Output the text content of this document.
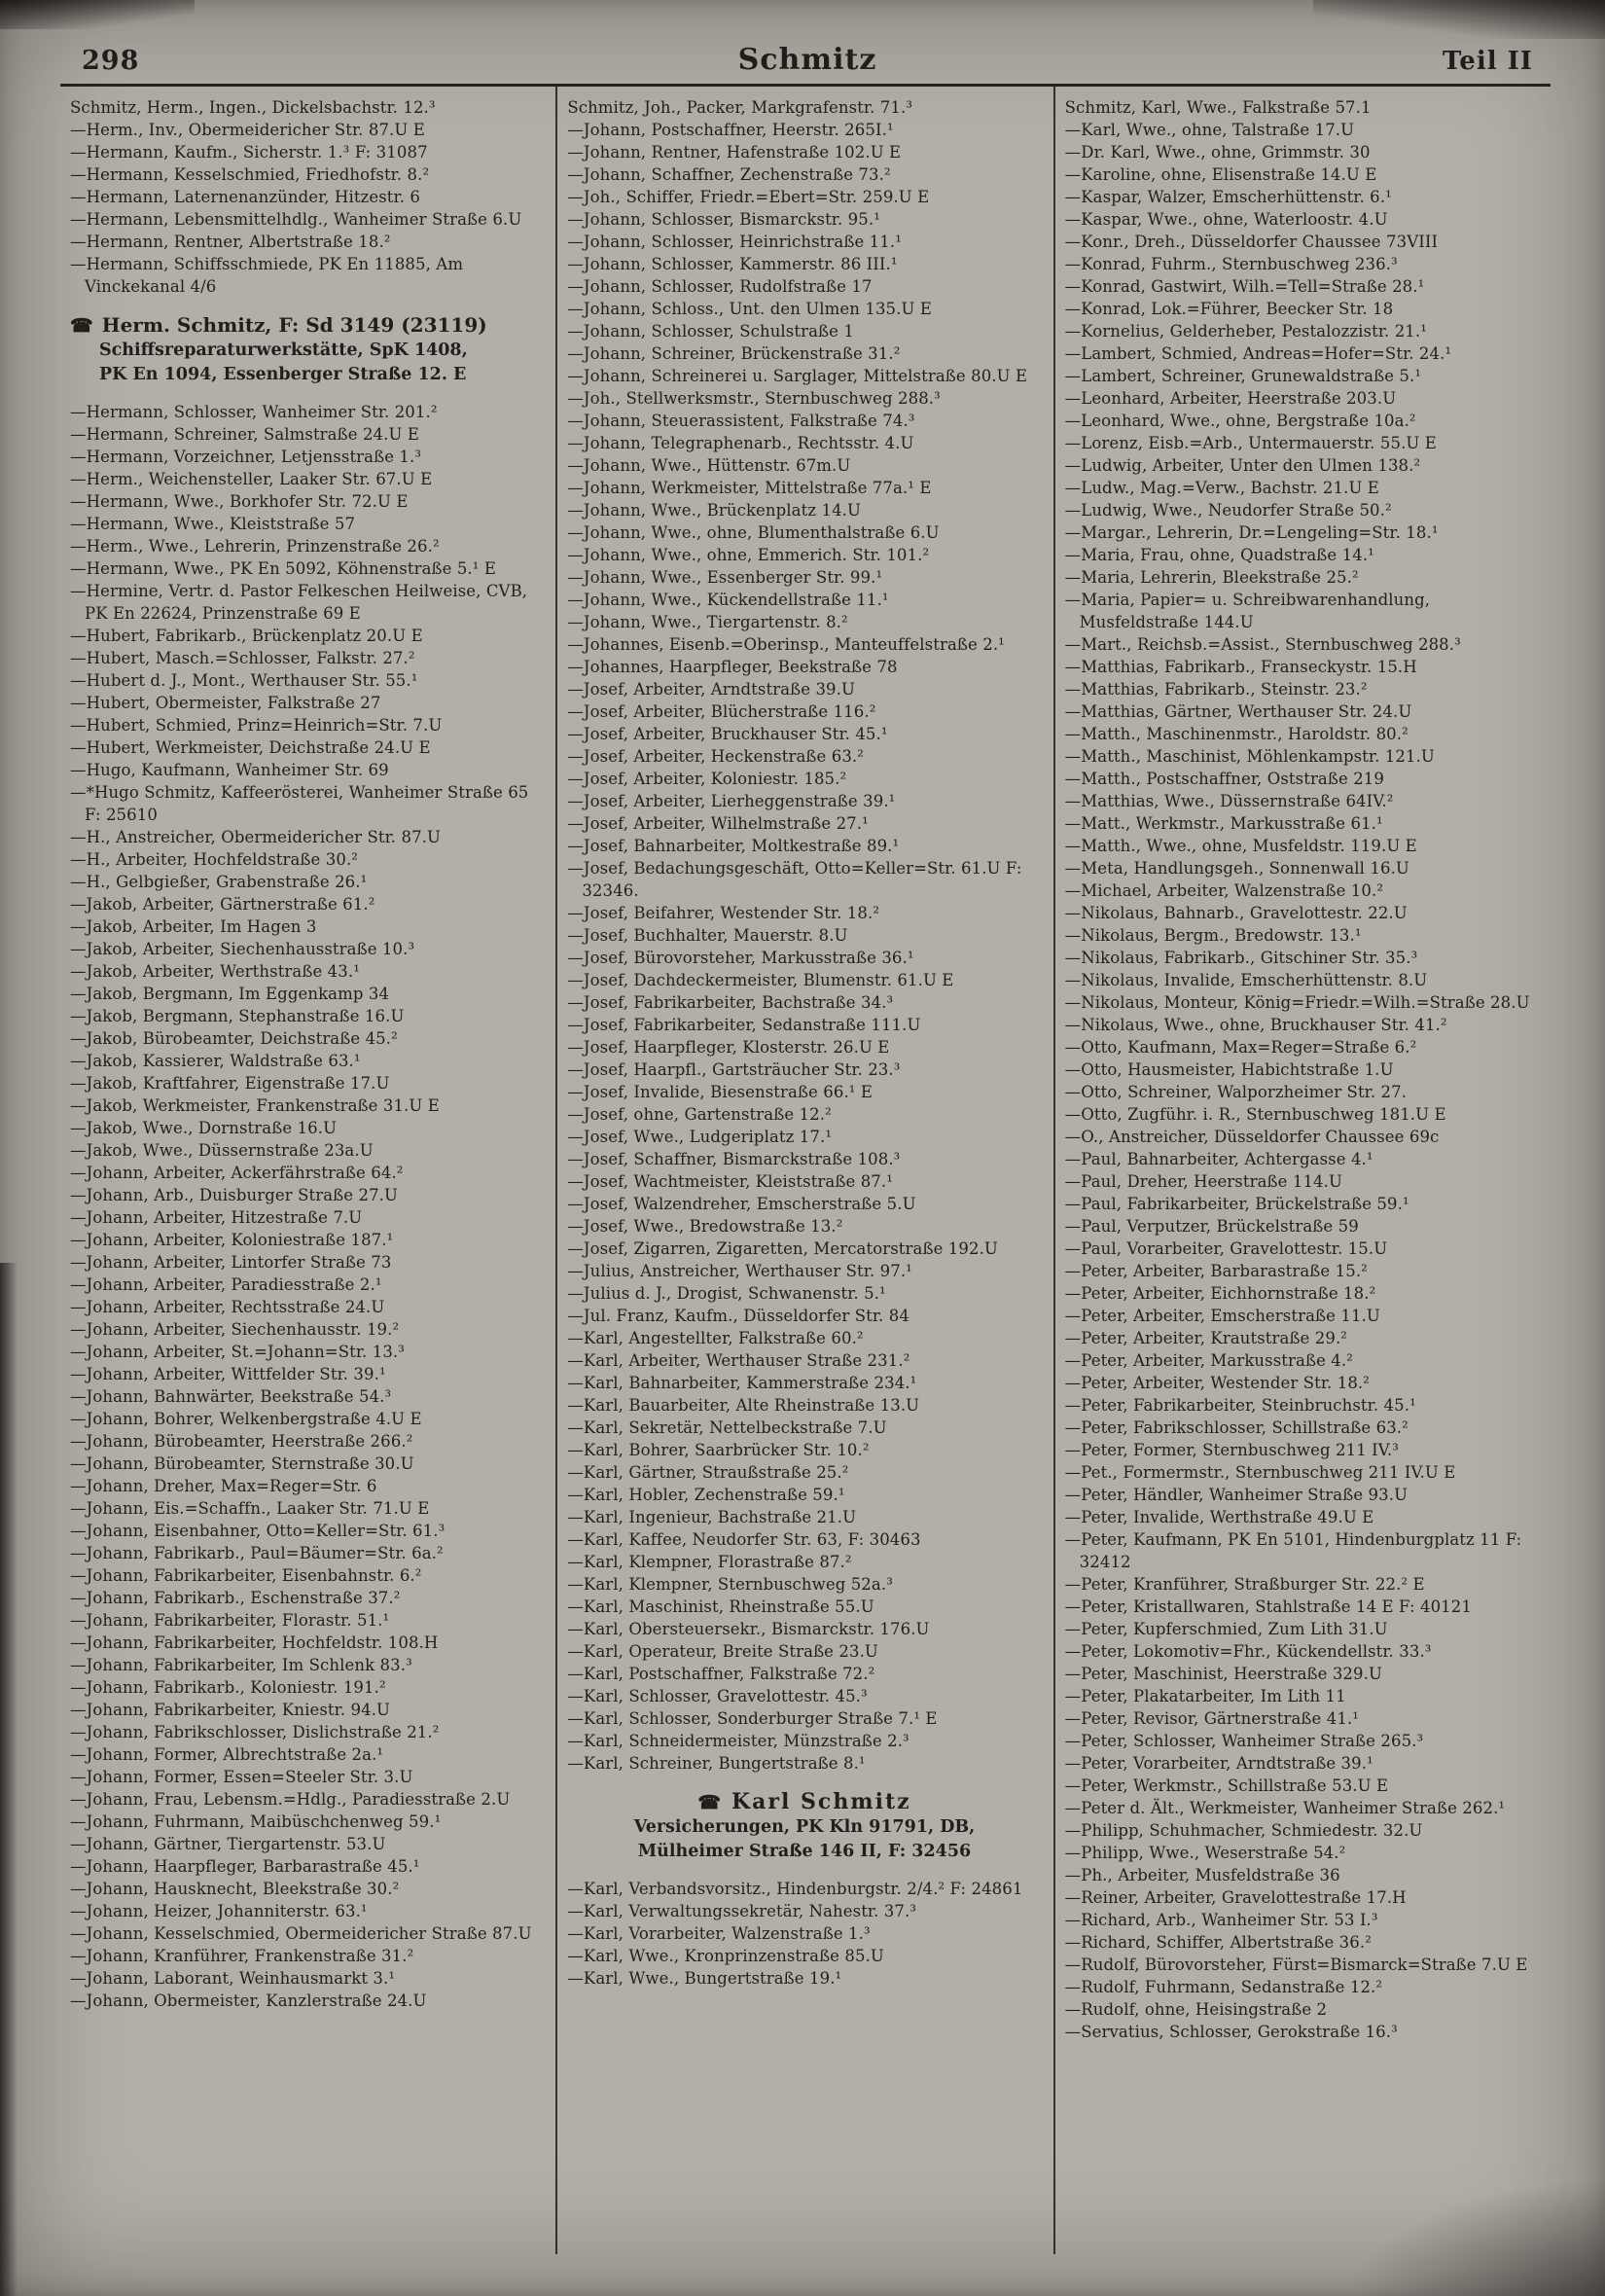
298	Schmitz	Teil II

Schmitz, Herm., Ingen., Dickelsbachstr. 12.³

—Herm., Inv., Obermeidericher Str. 87.U E

—Hermann, Kaufm., Sicherstr. 1.³ F: 31087

—Hermann, Kesselschmied, Friedhofstr. 8.²

—Hermann, Laternenanzünder, Hitzestr. 6

—Hermann, Lebensmittelhdlg., Wanheimer Straße 6.U

—Hermann, Rentner, Albertstraße 18.²

—Hermann, Schiffsschmiede, PK En 11885, Am Vinckekanal 4/6

☎ Herm. Schmitz, F: Sd 3149 (23119)
Schiffsreparaturwerkstätte, SpK 1408,
PK En 1094, Essenberger Straße 12. E

—Hermann, Schlosser, Wanheimer Str. 201.²

—Hermann, Schreiner, Salmstraße 24.U E

—Hermann, Vorzeichner, Letjensstraße 1.³

—Herm., Weichensteller, Laaker Str. 67.U E

—Hermann, Wwe., Borkhofer Str. 72.U E

—Hermann, Wwe., Kleiststraße 57

—Herm., Wwe., Lehrerin, Prinzenstraße 26.²

—Hermann, Wwe., PK En 5092, Köhnenstraße 5.¹ E

—Hermine, Vertr. d. Pastor Felkeschen Heilweise, CVB, PK En 22624, Prinzenstraße 69 E

—Hubert, Fabrikarb., Brückenplatz 20.U E

—Hubert, Masch.=Schlosser, Falkstr. 27.²

—Hubert d. J., Mont., Werthauser Str. 55.¹

—Hubert, Obermeister, Falkstraße 27

—Hubert, Schmied, Prinz=Heinrich=Str. 7.U

—Hubert, Werkmeister, Deichstraße 24.U E

—Hugo, Kaufmann, Wanheimer Str. 69

—*Hugo Schmitz, Kaffeerösterei, Wanheimer Straße 65 F: 25610

—H., Anstreicher, Obermeidericher Str. 87.U

—H., Arbeiter, Hochfeldstraße 30.²

—H., Gelbgießer, Grabenstraße 26.¹

—Jakob, Arbeiter, Gärtnerstraße 61.²

—Jakob, Arbeiter, Im Hagen 3

—Jakob, Arbeiter, Siechenhausstraße 10.³

—Jakob, Arbeiter, Werthstraße 43.¹

—Jakob, Bergmann, Im Eggenkamp 34

—Jakob, Bergmann, Stephanstraße 16.U

—Jakob, Bürobeamter, Deichstraße 45.²

—Jakob, Kassierer, Waldstraße 63.¹

—Jakob, Kraftfahrer, Eigenstraße 17.U

—Jakob, Werkmeister, Frankenstraße 31.U E

—Jakob, Wwe., Dornstraße 16.U

—Jakob, Wwe., Düssernstraße 23a.U

—Johann, Arbeiter, Ackerfährstraße 64.²

—Johann, Arb., Duisburger Straße 27.U

—Johann, Arbeiter, Hitzestraße 7.U

—Johann, Arbeiter, Koloniestraße 187.¹

—Johann, Arbeiter, Lintorfer Straße 73

—Johann, Arbeiter, Paradiesstraße 2.¹

—Johann, Arbeiter, Rechtsstraße 24.U

—Johann, Arbeiter, Siechenhausstr. 19.²

—Johann, Arbeiter, St.=Johann=Str. 13.³

—Johann, Arbeiter, Wittfelder Str. 39.¹

—Johann, Bahnwärter, Beekstraße 54.³

—Johann, Bohrer, Welkenbergstraße 4.U E

—Johann, Bürobeamter, Heerstraße 266.²

—Johann, Bürobeamter, Sternstraße 30.U

—Johann, Dreher, Max=Reger=Str. 6

—Johann, Eis.=Schaffn., Laaker Str. 71.U E

—Johann, Eisenbahner, Otto=Keller=Str. 61.³

—Johann, Fabrikarb., Paul=Bäumer=Str. 6a.²

—Johann, Fabrikarbeiter, Eisenbahnstr. 6.²

—Johann, Fabrikarb., Eschenstraße 37.²

—Johann, Fabrikarbeiter, Florastr. 51.¹

—Johann, Fabrikarbeiter, Hochfeldstr. 108.H

—Johann, Fabrikarbeiter, Im Schlenk 83.³

—Johann, Fabrikarb., Koloniestr. 191.²

—Johann, Fabrikarbeiter, Kniestr. 94.U

—Johann, Fabrikschlosser, Dislichstraße 21.²

—Johann, Former, Albrechtstraße 2a.¹

—Johann, Former, Essen=Steeler Str. 3.U

—Johann, Frau, Lebensm.=Hdlg., Paradiesstraße 2.U

—Johann, Fuhrmann, Maibüschchenweg 59.¹

—Johann, Gärtner, Tiergartenstr. 53.U

—Johann, Haarpfleger, Barbarastraße 45.¹

—Johann, Hausknecht, Bleekstraße 30.²

—Johann, Heizer, Johanniterstr. 63.¹

—Johann, Kesselschmied, Obermeidericher Straße 87.U

—Johann, Kranführer, Frankenstraße 31.²

—Johann, Laborant, Weinhausmarkt 3.¹

—Johann, Obermeister, Kanzlerstraße 24.U

Schmitz, Joh., Packer, Markgrafenstr. 71.³

—Johann, Postschaffner, Heerstr. 265I.¹

—Johann, Rentner, Hafenstraße 102.U E

—Johann, Schaffner, Zechenstraße 73.²

—Joh., Schiffer, Friedr.=Ebert=Str. 259.U E

—Johann, Schlosser, Bismarckstr. 95.¹

—Johann, Schlosser, Heinrichstraße 11.¹

—Johann, Schlosser, Kammerstr. 86 III.¹

—Johann, Schlosser, Rudolfstraße 17

—Johann, Schloss., Unt. den Ulmen 135.U E

—Johann, Schlosser, Schulstraße 1

—Johann, Schreiner, Brückenstraße 31.²

—Johann, Schreinerei u. Sarglager, Mittelstraße 80.U E

—Joh., Stellwerksmstr., Sternbuschweg 288.³

—Johann, Steuerassistent, Falkstraße 74.³

—Johann, Telegraphenarb., Rechtsstr. 4.U

—Johann, Wwe., Hüttenstr. 67m.U

—Johann, Werkmeister, Mittelstraße 77a.¹ E

—Johann, Wwe., Brückenplatz 14.U

—Johann, Wwe., ohne, Blumenthalstraße 6.U

—Johann, Wwe., ohne, Emmerich. Str. 101.²

—Johann, Wwe., Essenberger Str. 99.¹

—Johann, Wwe., Kückendellstraße 11.¹

—Johann, Wwe., Tiergartenstr. 8.²

—Johannes, Eisenb.=Oberinsp., Manteuffelstraße 2.¹

—Johannes, Haarpfleger, Beekstraße 78

—Josef, Arbeiter, Arndtstraße 39.U

—Josef, Arbeiter, Blücherstraße 116.²

—Josef, Arbeiter, Bruckhauser Str. 45.¹

—Josef, Arbeiter, Heckenstraße 63.²

—Josef, Arbeiter, Koloniestr. 185.²

—Josef, Arbeiter, Lierheggenstraße 39.¹

—Josef, Arbeiter, Wilhelmstraße 27.¹

—Josef, Bahnarbeiter, Moltkestraße 89.¹

—Josef, Bedachungsgeschäft, Otto=Keller=Str. 61.U F: 32346.

—Josef, Beifahrer, Westender Str. 18.²

—Josef, Buchhalter, Mauerstr. 8.U

—Josef, Bürovorsteher, Markusstraße 36.¹

—Josef, Dachdeckermeister, Blumenstr. 61.U E

—Josef, Fabrikarbeiter, Bachstraße 34.³

—Josef, Fabrikarbeiter, Sedanstraße 111.U

—Josef, Haarpfleger, Klosterstr. 26.U E

—Josef, Haarpfl., Gartsträucher Str. 23.³

—Josef, Invalide, Biesenstraße 66.¹ E

—Josef, ohne, Gartenstraße 12.²

—Josef, Wwe., Ludgeriplatz 17.¹

—Josef, Schaffner, Bismarckstraße 108.³

—Josef, Wachtmeister, Kleiststraße 87.¹

—Josef, Walzendreher, Emscherstraße 5.U

—Josef, Wwe., Bredowstraße 13.²

—Josef, Zigarren, Zigaretten, Mercatorstraße 192.U

—Julius, Anstreicher, Werthauser Str. 97.¹

—Julius d. J., Drogist, Schwanenstr. 5.¹

—Jul. Franz, Kaufm., Düsseldorfer Str. 84

—Karl, Angestellter, Falkstraße 60.²

—Karl, Arbeiter, Werthauser Straße 231.²

—Karl, Bahnarbeiter, Kammerstraße 234.¹

—Karl, Bauarbeiter, Alte Rheinstraße 13.U

—Karl, Sekretär, Nettelbeckstraße 7.U

—Karl, Bohrer, Saarbrücker Str. 10.²

—Karl, Gärtner, Straußstraße 25.²

—Karl, Hobler, Zechenstraße 59.¹

—Karl, Ingenieur, Bachstraße 21.U

—Karl, Kaffee, Neudorfer Str. 63, F: 30463

—Karl, Klempner, Florastraße 87.²

—Karl, Klempner, Sternbuschweg 52a.³

—Karl, Maschinist, Rheinstraße 55.U

—Karl, Obersteuersekr., Bismarckstr. 176.U

—Karl, Operateur, Breite Straße 23.U

—Karl, Postschaffner, Falkstraße 72.²

—Karl, Schlosser, Gravelottestr. 45.³

—Karl, Schlosser, Sonderburger Straße 7.¹ E

—Karl, Schneidermeister, Münzstraße 2.³

—Karl, Schreiner, Bungertstraße 8.¹

☎ Karl Schmitz
Versicherungen, PK Kln 91791, DB,
Mülheimer Straße 146 II, F: 32456

—Karl, Verbandsvorsitz., Hindenburgstr. 2/4.² F: 24861

—Karl, Verwaltungssekretär, Nahestr. 37.³

—Karl, Vorarbeiter, Walzenstraße 1.³

—Karl, Wwe., Kronprinzenstraße 85.U

—Karl, Wwe., Bungertstraße 19.¹

Schmitz, Karl, Wwe., Falkstraße 57.1

—Karl, Wwe., ohne, Talstraße 17.U

—Dr. Karl, Wwe., ohne, Grimmstr. 30

—Karoline, ohne, Elisenstraße 14.U E

—Kaspar, Walzer, Emscherhüttenstr. 6.¹

—Kaspar, Wwe., ohne, Waterloostr. 4.U

—Konr., Dreh., Düsseldorfer Chaussee 73VIII

—Konrad, Fuhrm., Sternbuschweg 236.³

—Konrad, Gastwirt, Wilh.=Tell=Straße 28.¹

—Konrad, Lok.=Führer, Beecker Str. 18

—Kornelius, Gelderheber, Pestalozzistr. 21.¹

—Lambert, Schmied, Andreas=Hofer=Str. 24.¹

—Lambert, Schreiner, Grunewaldstraße 5.¹

—Leonhard, Arbeiter, Heerstraße 203.U

—Leonhard, Wwe., ohne, Bergstraße 10a.²

—Lorenz, Eisb.=Arb., Untermauerstr. 55.U E

—Ludwig, Arbeiter, Unter den Ulmen 138.²

—Ludw., Mag.=Verw., Bachstr. 21.U E

—Ludwig, Wwe., Neudorfer Straße 50.²

—Margar., Lehrerin, Dr.=Lengeling=Str. 18.¹

—Maria, Frau, ohne, Quadstraße 14.¹

—Maria, Lehrerin, Bleekstraße 25.²

—Maria, Papier= u. Schreibwarenhandlung, Musfeldstraße 144.U

—Mart., Reichsb.=Assist., Sternbuschweg 288.³

—Matthias, Fabrikarb., Franseckystr. 15.H

—Matthias, Fabrikarb., Steinstr. 23.²

—Matthias, Gärtner, Werthauser Str. 24.U

—Matth., Maschinenmstr., Haroldstr. 80.²

—Matth., Maschinist, Möhlenkampstr. 121.U

—Matth., Postschaffner, Oststraße 219

—Matthias, Wwe., Düssernstraße 64IV.²

—Matt., Werkmstr., Markusstraße 61.¹

—Matth., Wwe., ohne, Musfeldstr. 119.U E

—Meta, Handlungsgeh., Sonnenwall 16.U

—Michael, Arbeiter, Walzenstraße 10.²

—Nikolaus, Bahnarb., Gravelottestr. 22.U

—Nikolaus, Bergm., Bredowstr. 13.¹

—Nikolaus, Fabrikarb., Gitschiner Str. 35.³

—Nikolaus, Invalide, Emscherhüttenstr. 8.U

—Nikolaus, Monteur, König=Friedr.=Wilh.=Straße 28.U

—Nikolaus, Wwe., ohne, Bruckhauser Str. 41.²

—Otto, Kaufmann, Max=Reger=Straße 6.²

—Otto, Hausmeister, Habichtstraße 1.U

—Otto, Schreiner, Walporzheimer Str. 27.

—Otto, Zugführ. i. R., Sternbuschweg 181.U E

—O., Anstreicher, Düsseldorfer Chaussee 69c

—Paul, Bahnarbeiter, Achtergasse 4.¹

—Paul, Dreher, Heerstraße 114.U

—Paul, Fabrikarbeiter, Brückelstraße 59.¹

—Paul, Verputzer, Brückelstraße 59

—Paul, Vorarbeiter, Gravelottestr. 15.U

—Peter, Arbeiter, Barbarastraße 15.²

—Peter, Arbeiter, Eichhornstraße 18.²

—Peter, Arbeiter, Emscherstraße 11.U

—Peter, Arbeiter, Krautstraße 29.²

—Peter, Arbeiter, Markusstraße 4.²

—Peter, Arbeiter, Westender Str. 18.²

—Peter, Fabrikarbeiter, Steinbruchstr. 45.¹

—Peter, Fabrikschlosser, Schillstraße 63.²

—Peter, Former, Sternbuschweg 211 IV.³

—Pet., Formermstr., Sternbuschweg 211 IV.U E

—Peter, Händler, Wanheimer Straße 93.U

—Peter, Invalide, Werthstraße 49.U E

—Peter, Kaufmann, PK En 5101, Hindenburgplatz 11 F: 32412

—Peter, Kranführer, Straßburger Str. 22.² E

—Peter, Kristallwaren, Stahlstraße 14 E F: 40121

—Peter, Kupferschmied, Zum Lith 31.U

—Peter, Lokomotiv=Fhr., Kückendellstr. 33.³

—Peter, Maschinist, Heerstraße 329.U

—Peter, Plakatarbeiter, Im Lith 11

—Peter, Revisor, Gärtnerstraße 41.¹

—Peter, Schlosser, Wanheimer Straße 265.³

—Peter, Vorarbeiter, Arndtstraße 39.¹

—Peter, Werkmstr., Schillstraße 53.U E

—Peter d. Ält., Werkmeister, Wanheimer Straße 262.¹

—Philipp, Schuhmacher, Schmiedestr. 32.U

—Philipp, Wwe., Weserstraße 54.²

—Ph., Arbeiter, Musfeldstraße 36

—Reiner, Arbeiter, Gravelottestraße 17.H

—Richard, Arb., Wanheimer Str. 53 I.³

—Richard, Schiffer, Albertstraße 36.²

—Rudolf, Bürovorsteher, Fürst=Bismarck=Straße 7.U E

—Rudolf, Fuhrmann, Sedanstraße 12.²

—Rudolf, ohne, Heisingstraße 2

—Servatius, Schlosser, Gerokstraße 16.³
